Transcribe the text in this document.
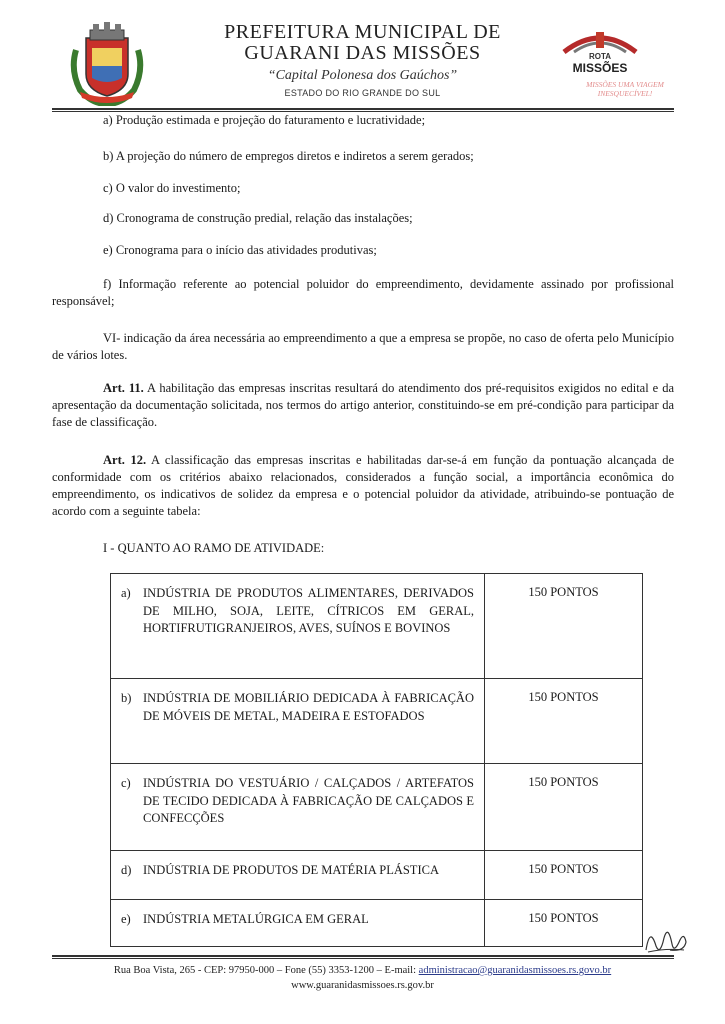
PREFEITURA MUNICIPAL DE
GUARANI DAS MISSÕES
“Capital Polonesa dos Gaúchos”
ESTADO DO RIO GRANDE DO SUL
ROTA
MISSÕES
MISSÕES UMA VIAGEM
INESQUECÍVEL!
a) Produção estimada e projeção do faturamento e lucratividade;
b) A projeção do número de empregos diretos e indiretos a serem gerados;
c) O valor do investimento;
d) Cronograma de construção predial, relação das instalações;
e) Cronograma para o início das atividades produtivas;
f) Informação referente ao potencial poluidor do empreendimento, devidamente assinado por profissional responsável;
VI- indicação da área necessária ao empreendimento a que a empresa se propõe, no caso de oferta pelo Município de vários lotes.
Art. 11. A habilitação das empresas inscritas resultará do atendimento dos pré-requisitos exigidos no edital e da apresentação da documentação solicitada, nos termos do artigo anterior, constituindo-se em pré-condição para participar da fase de classificação.
Art. 12. A classificação das empresas inscritas e habilitadas dar-se-á em função da pontuação alcançada de conformidade com os critérios abaixo relacionados, considerados a função social, a importância econômica do empreendimento, os indicativos de solidez da empresa e o potencial poluidor da atividade, atribuindo-se pontuação de acordo com a seguinte tabela:
I - QUANTO AO RAMO DE ATIVIDADE:
a) INDÚSTRIA DE PRODUTOS ALIMENTARES, DERIVADOS DE MILHO, SOJA, LEITE, CÍTRICOS EM GERAL, HORTIFRUTIGRANJEIROS, AVES, SUÍNOS E BOVINOS
150 PONTOS
b) INDÚSTRIA DE MOBILIÁRIO DEDICADA À FABRICAÇÃO DE MÓVEIS DE METAL, MADEIRA E ESTOFADOS
150 PONTOS
c) INDÚSTRIA DO VESTUÁRIO / CALÇADOS / ARTEFATOS DE TECIDO DEDICADA À FABRICAÇÃO DE CALÇADOS E CONFECÇÕES
150 PONTOS
d) INDÚSTRIA DE PRODUTOS DE MATÉRIA PLÁSTICA	150 PONTOS
e) INDÚSTRIA METALÚRGICA EM GERAL	150 PONTOS
Rua Boa Vista, 265 - CEP: 97950-000 – Fone (55) 3353-1200 – E-mail: administracao@guaranidasmissoes.rs.govo.br
www.guaranidasmissoes.rs.gov.br
